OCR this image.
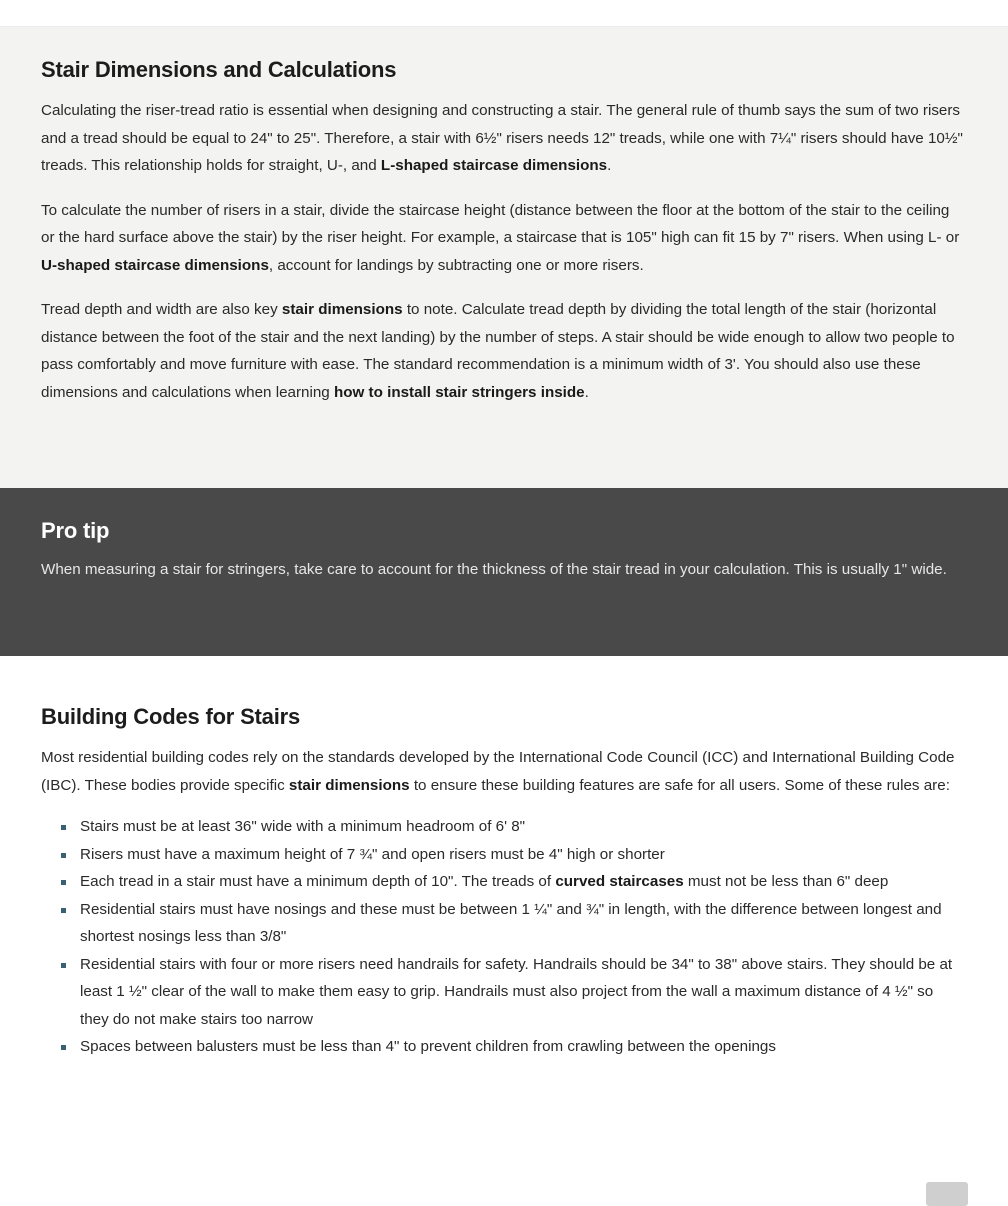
Stair Dimensions and Calculations

Calculating the riser-tread ratio is essential when designing and constructing a stair. The general rule of thumb says the sum of two risers and a tread should be equal to 24" to 25". Therefore, a stair with 6½" risers needs 12" treads, while one with 7¼" risers should have 10½" treads. This relationship holds for straight, U-, and L-shaped staircase dimensions.

To calculate the number of risers in a stair, divide the staircase height (distance between the floor at the bottom of the stair to the ceiling or the hard surface above the stair) by the riser height. For example, a staircase that is 105" high can fit 15 by 7" risers. When using L- or U-shaped staircase dimensions, account for landings by subtracting one or more risers.

Tread depth and width are also key stair dimensions to note. Calculate tread depth by dividing the total length of the stair (horizontal distance between the foot of the stair and the next landing) by the number of steps. A stair should be wide enough to allow two people to pass comfortably and move furniture with ease. The standard recommendation is a minimum width of 3'. You should also use these dimensions and calculations when learning how to install stair stringers inside.

Pro tip

When measuring a stair for stringers, take care to account for the thickness of the stair tread in your calculation. This is usually 1" wide.

Building Codes for Stairs

Most residential building codes rely on the standards developed by the International Code Council (ICC) and International Building Code (IBC). These bodies provide specific stair dimensions to ensure these building features are safe for all users. Some of these rules are:

Stairs must be at least 36" wide with a minimum headroom of 6' 8"
Risers must have a maximum height of 7 ¾" and open risers must be 4" high or shorter
Each tread in a stair must have a minimum depth of 10". The treads of curved staircases must not be less than 6" deep
Residential stairs must have nosings and these must be between 1 ¼" and ¾" in length, with the difference between longest and shortest nosings less than 3/8"
Residential stairs with four or more risers need handrails for safety. Handrails should be 34" to 38" above stairs. They should be at least 1 ½" clear of the wall to make them easy to grip. Handrails must also project from the wall a maximum distance of 4 ½" so they do not make stairs too narrow
Spaces between balusters must be less than 4" to prevent children from crawling between the openings
